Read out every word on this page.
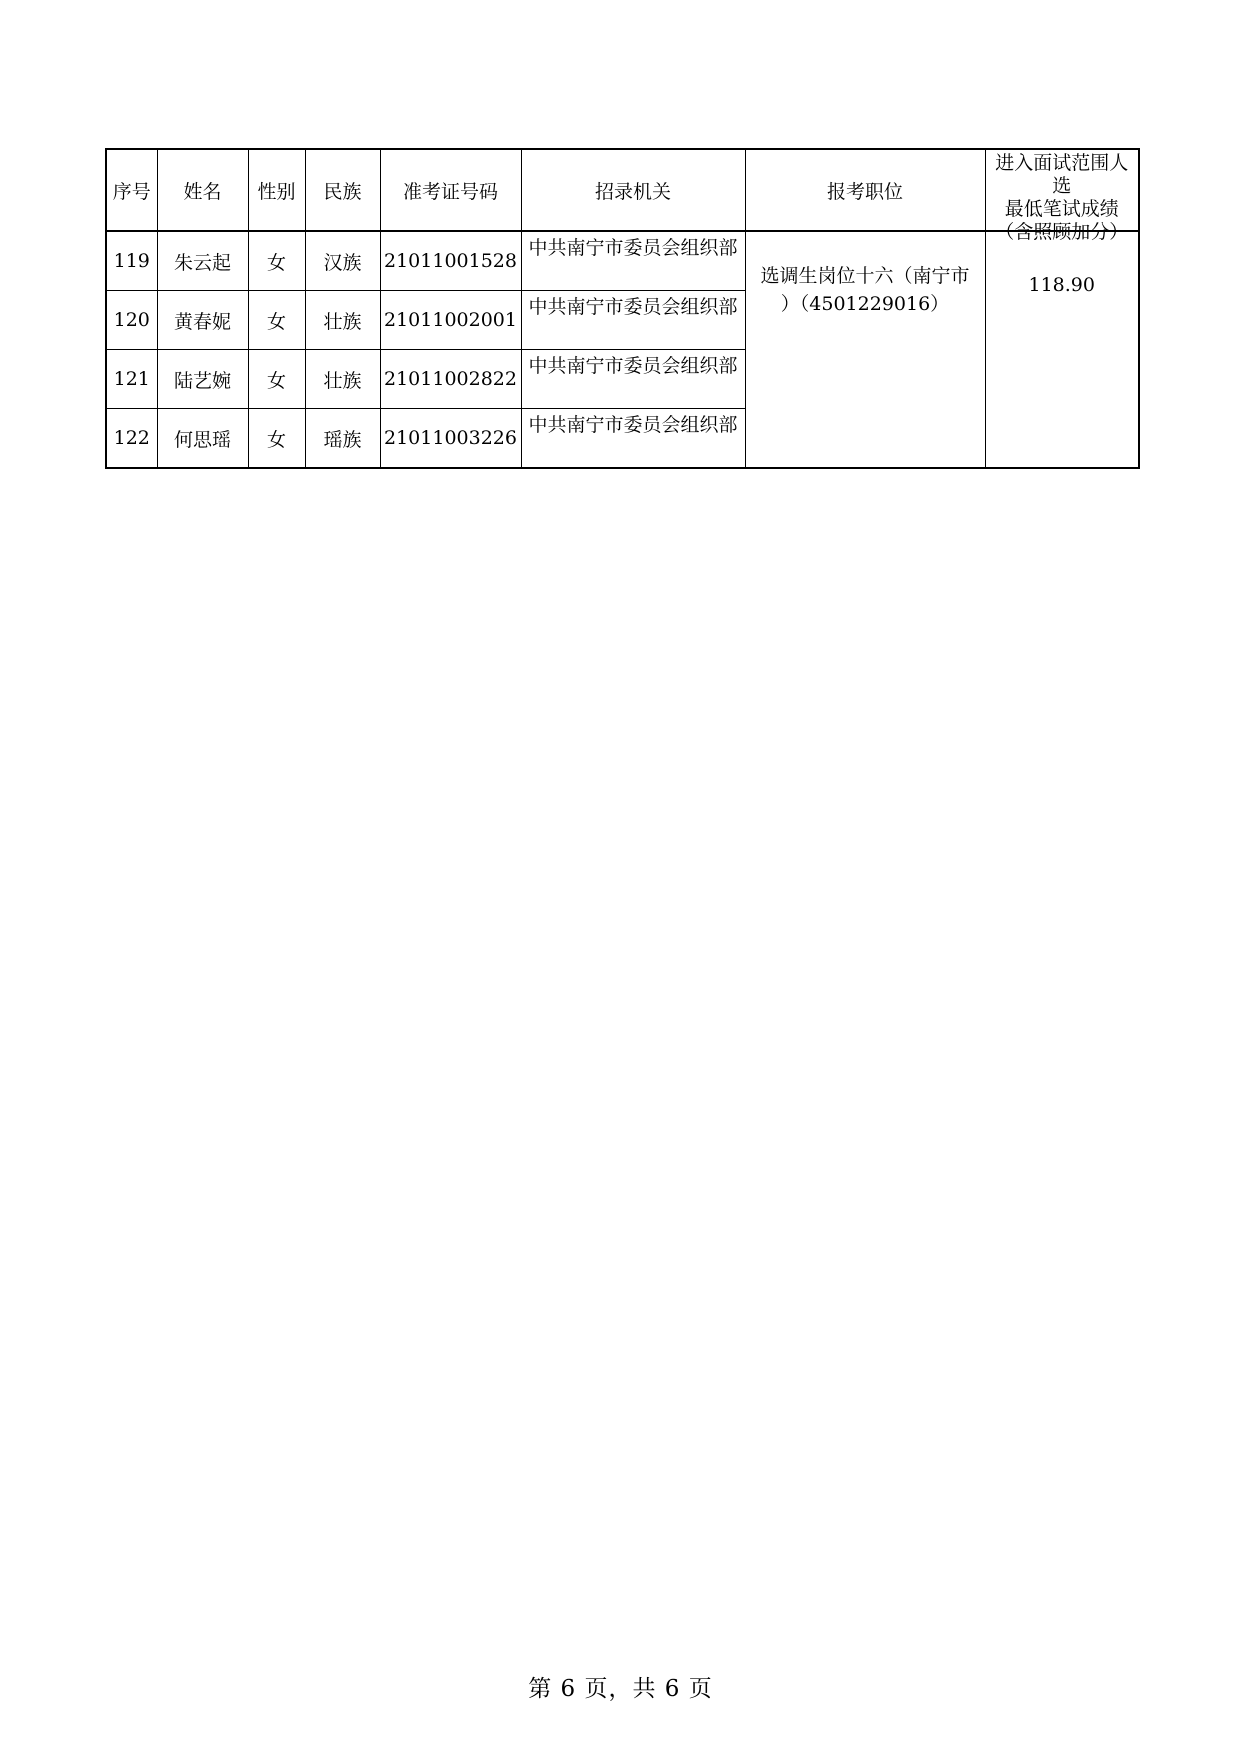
序号	姓名	性别	民族	准考证号码	招录机关	报考职位	进入面试范围人
选
最低笔试成绩
（含照顾加分）

119	朱云起	女	汉族	21011001528	中共南宁市委员会组织部	选调生岗位十六（南宁市
）（4501229016）	118.90

120	黄春妮	女	壮族	21011002001	中共南宁市委员会组织部		

121	陆艺婉	女	壮族	21011002822	中共南宁市委员会组织部		

122	何思瑶	女	瑶族	21011003226	中共南宁市委员会组织部		
第 6 页，共 6 页
